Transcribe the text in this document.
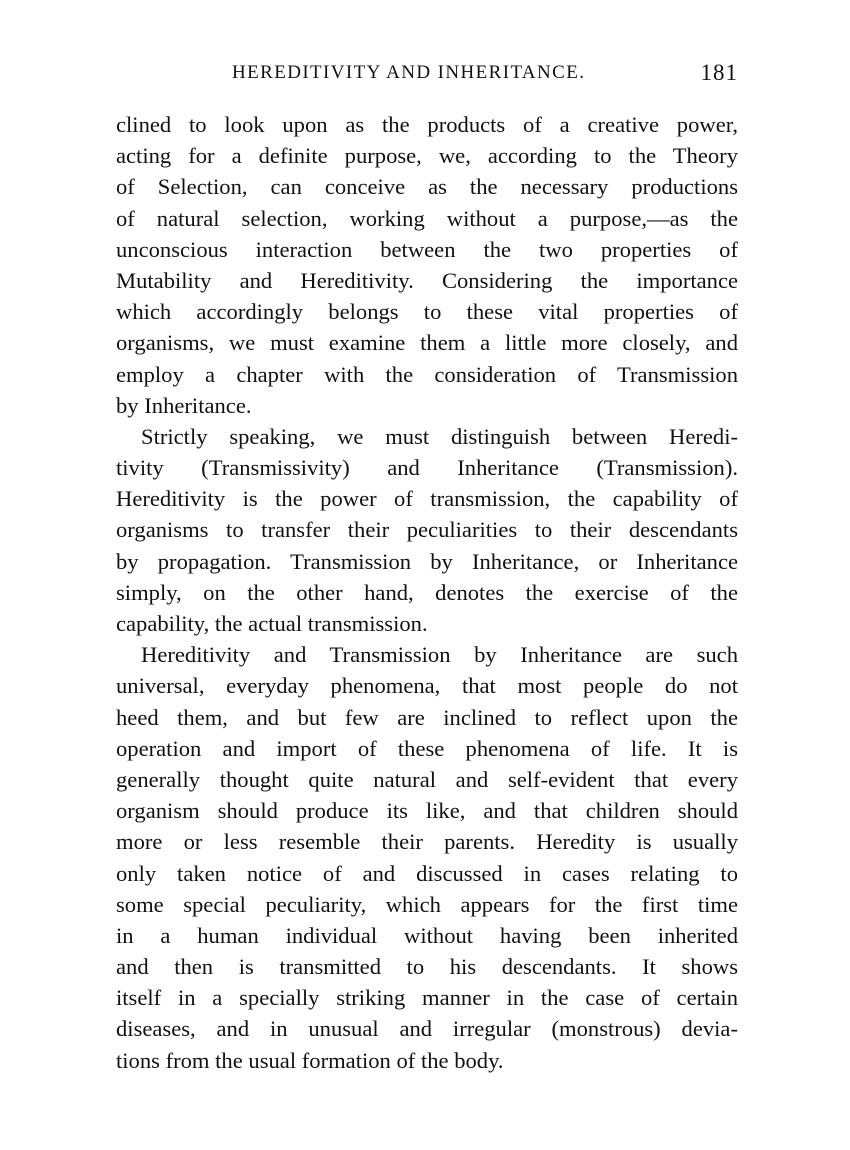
HEREDITIVITY AND INHERITANCE.	181
clined to look upon as the products of a creative power,
acting for a definite purpose, we, according to the Theory
of Selection, can conceive as the necessary productions
of natural selection, working without a purpose,—as the
unconscious interaction between the two properties of
Mutability and Hereditivity. Considering the importance
which accordingly belongs to these vital properties of
organisms, we must examine them a little more closely, and
employ a chapter with the consideration of Transmission
by Inheritance.
Strictly speaking, we must distinguish between Heredi-
tivity (Transmissivity) and Inheritance (Transmission).
Hereditivity is the power of transmission, the capability of
organisms to transfer their peculiarities to their descendants
by propagation. Transmission by Inheritance, or Inheritance
simply, on the other hand, denotes the exercise of the
capability, the actual transmission.
Hereditivity and Transmission by Inheritance are such
universal, everyday phenomena, that most people do not
heed them, and but few are inclined to reflect upon the
operation and import of these phenomena of life. It is
generally thought quite natural and self-evident that every
organism should produce its like, and that children should
more or less resemble their parents. Heredity is usually
only taken notice of and discussed in cases relating to
some special peculiarity, which appears for the first time
in a human individual without having been inherited
and then is transmitted to his descendants. It shows
itself in a specially striking manner in the case of certain
diseases, and in unusual and irregular (monstrous) devia-
tions from the usual formation of the body.
